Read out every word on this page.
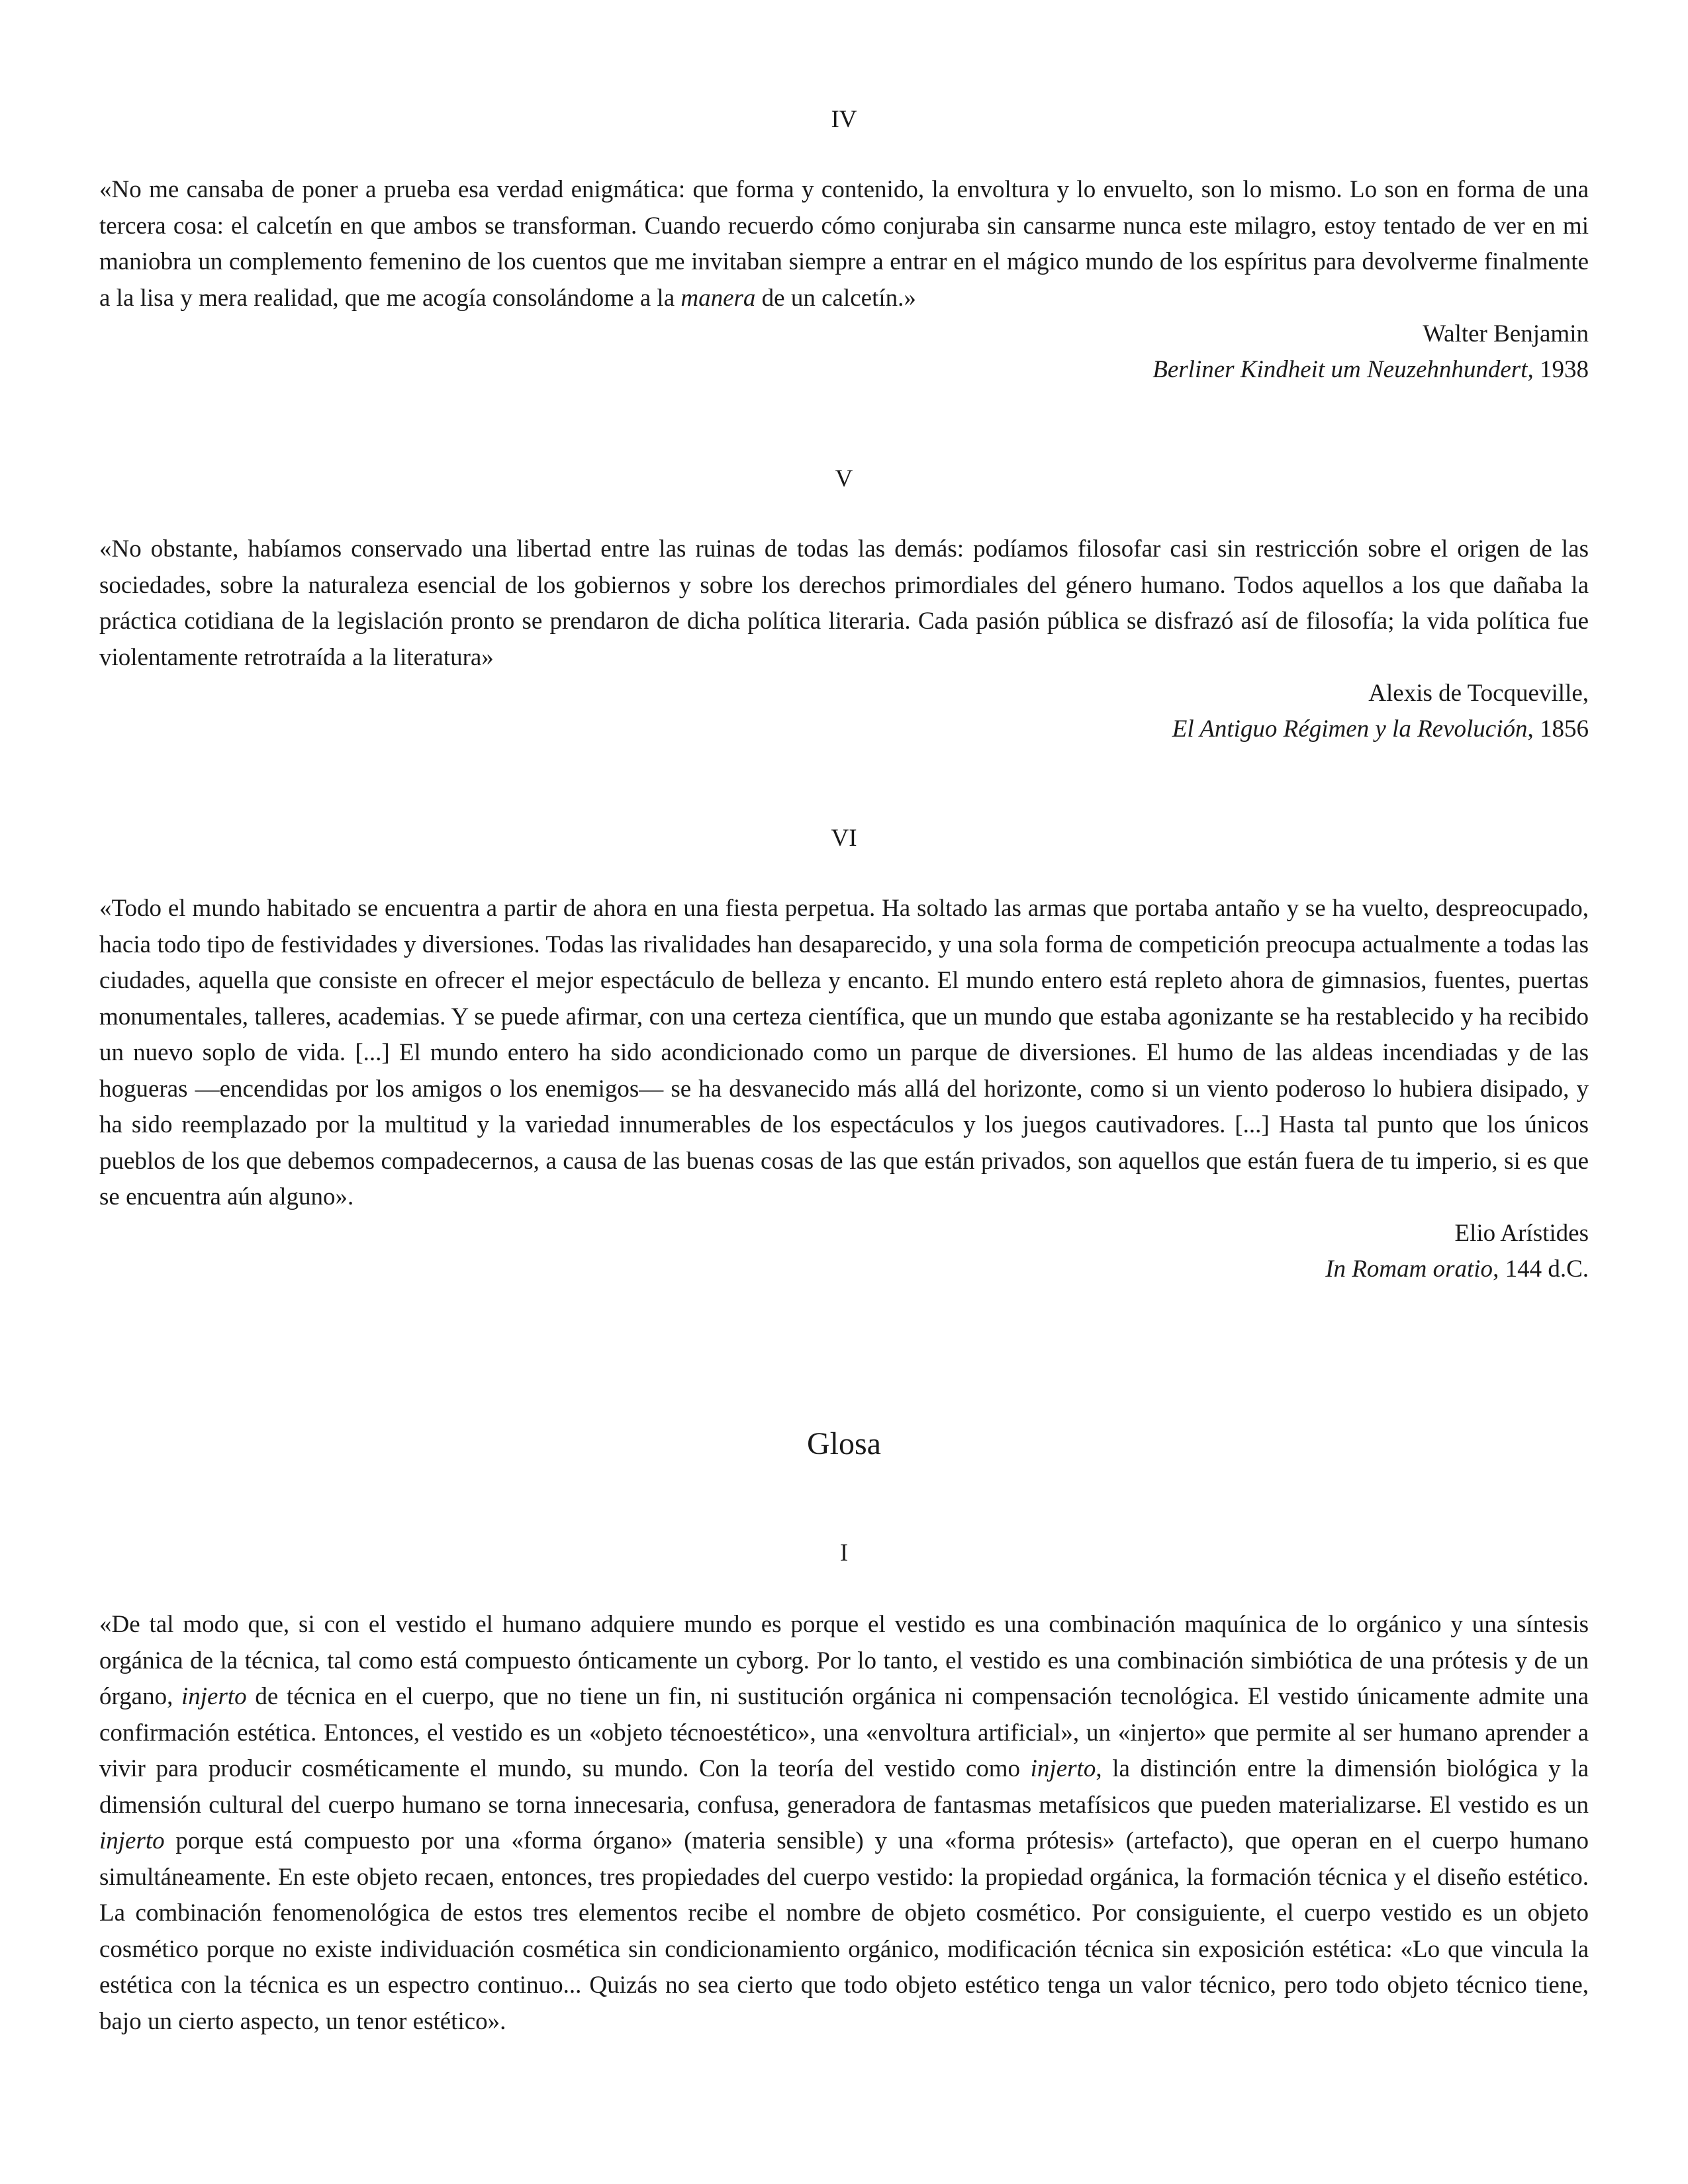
IV

«No me cansaba de poner a prueba esa verdad enigmática: que forma y contenido, la envoltura y lo envuelto, son lo mismo. Lo son en forma de una tercera cosa: el calcetín en que ambos se transforman. Cuando recuerdo cómo conjuraba sin cansarme nunca este milagro, estoy tentado de ver en mi maniobra un complemento femenino de los cuentos que me invitaban siempre a entrar en el mágico mundo de los espíritus para devolverme finalmente a la lisa y mera realidad, que me acogía consolándome a la manera de un calcetín.»

Walter Benjamin

Berliner Kindheit um Neuzehnhundert, 1938

V

«No obstante, habíamos conservado una libertad entre las ruinas de todas las demás: podíamos filosofar casi sin restricción sobre el origen de las sociedades, sobre la naturaleza esencial de los gobiernos y sobre los derechos primordiales del género humano. Todos aquellos a los que dañaba la práctica cotidiana de la legislación pronto se prendaron de dicha política literaria. Cada pasión pública se disfrazó así de filosofía; la vida política fue violentamente retrotraída a la literatura»

Alexis de Tocqueville,

El Antiguo Régimen y la Revolución, 1856

VI

«Todo el mundo habitado se encuentra a partir de ahora en una fiesta perpetua. Ha soltado las armas que portaba antaño y se ha vuelto, despreocupado, hacia todo tipo de festividades y diversiones. Todas las rivalidades han desaparecido, y una sola forma de competición preocupa actualmente a todas las ciudades, aquella que consiste en ofrecer el mejor espectáculo de belleza y encanto. El mundo entero está repleto ahora de gimnasios, fuentes, puertas monumentales, talleres, academias. Y se puede afirmar, con una certeza científica, que un mundo que estaba agonizante se ha restablecido y ha recibido un nuevo soplo de vida. [...] El mundo entero ha sido acondicionado como un parque de diversiones. El humo de las aldeas incendiadas y de las hogueras —encendidas por los amigos o los enemigos— se ha desvanecido más allá del horizonte, como si un viento poderoso lo hubiera disipado, y ha sido reemplazado por la multitud y la variedad innumerables de los espectáculos y los juegos cautivadores. [...] Hasta tal punto que los únicos pueblos de los que debemos compadecernos, a causa de las buenas cosas de las que están privados, son aquellos que están fuera de tu imperio, si es que se encuentra aún alguno».

Elio Arístides

In Romam oratio, 144 d.C.

Glosa

I

«De tal modo que, si con el vestido el humano adquiere mundo es porque el vestido es una combinación maquínica de lo orgánico y una síntesis orgánica de la técnica, tal como está compuesto ónticamente un cyborg. Por lo tanto, el vestido es una combinación simbiótica de una prótesis y de un órgano, injerto de técnica en el cuerpo, que no tiene un fin, ni sustitución orgánica ni compensación tecnológica. El vestido únicamente admite una confirmación estética. Entonces, el vestido es un «objeto técnoestético», una «envoltura artificial», un «injerto» que permite al ser humano aprender a vivir para producir cosméticamente el mundo, su mundo. Con la teoría del vestido como injerto, la distinción entre la dimensión biológica y la dimensión cultural del cuerpo humano se torna innecesaria, confusa, generadora de fantasmas metafísicos que pueden materializarse. El vestido es un injerto porque está compuesto por una «forma órgano» (materia sensible) y una «forma prótesis» (artefacto), que operan en el cuerpo humano simultáneamente. En este objeto recaen, entonces, tres propiedades del cuerpo vestido: la propiedad orgánica, la formación técnica y el diseño estético. La combinación fenomenológica de estos tres elementos recibe el nombre de objeto cosmético. Por consiguiente, el cuerpo vestido es un objeto cosmético porque no existe individuación cosmética sin condicionamiento orgánico, modificación técnica sin exposición estética: «Lo que vincula la estética con la técnica es un espectro continuo... Quizás no sea cierto que todo objeto estético tenga un valor técnico, pero todo objeto técnico tiene, bajo un cierto aspecto, un tenor estético».
